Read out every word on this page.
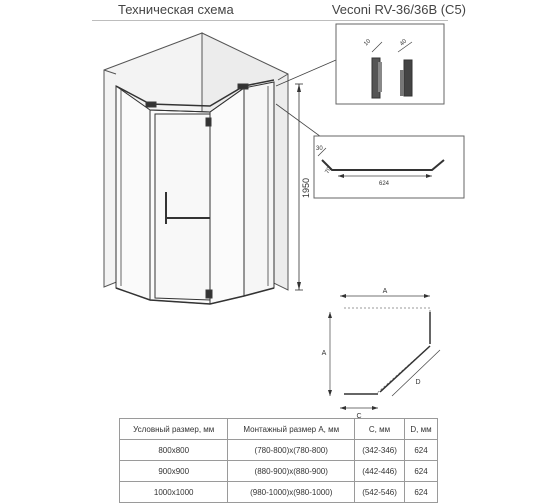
Техническая схема	Veconi RV-36/36B (C5)
1950
10	40
30
70
624
A
A
C
D
Условный размер, мм	Монтажный размер А, мм	С, мм	D, мм
800х800	(780-800)х(780-800)	(342-346)	624
900х900	(880-900)х(880-900)	(442-446)	624
1000х1000	(980-1000)х(980-1000)	(542-546)	624
